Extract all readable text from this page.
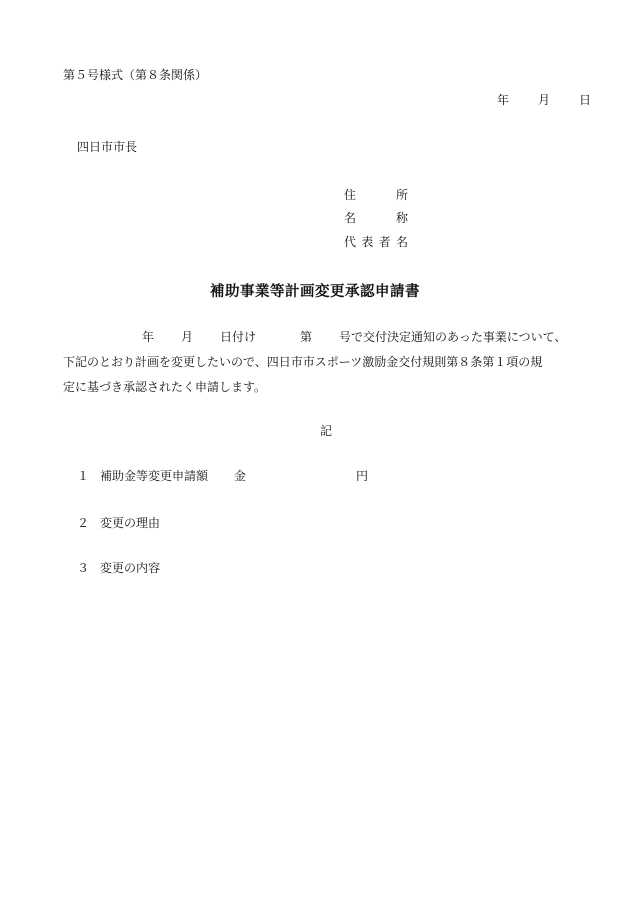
第５号様式（第８条関係）
年 月 日
四日市市長
住	所
名	称
代 表 者 名
補助事業等計画変更承認申請書
年 月 日付け	第 号で交付決定通知のあった事業について、
下記のとおり計画を変更したいので、四日市市スポーツ激励金交付規則第８条第１項の規
定に基づき承認されたく申請します。
記
１ 補助金等変更申請額 金	円
２ 変更の理由
３ 変更の内容
